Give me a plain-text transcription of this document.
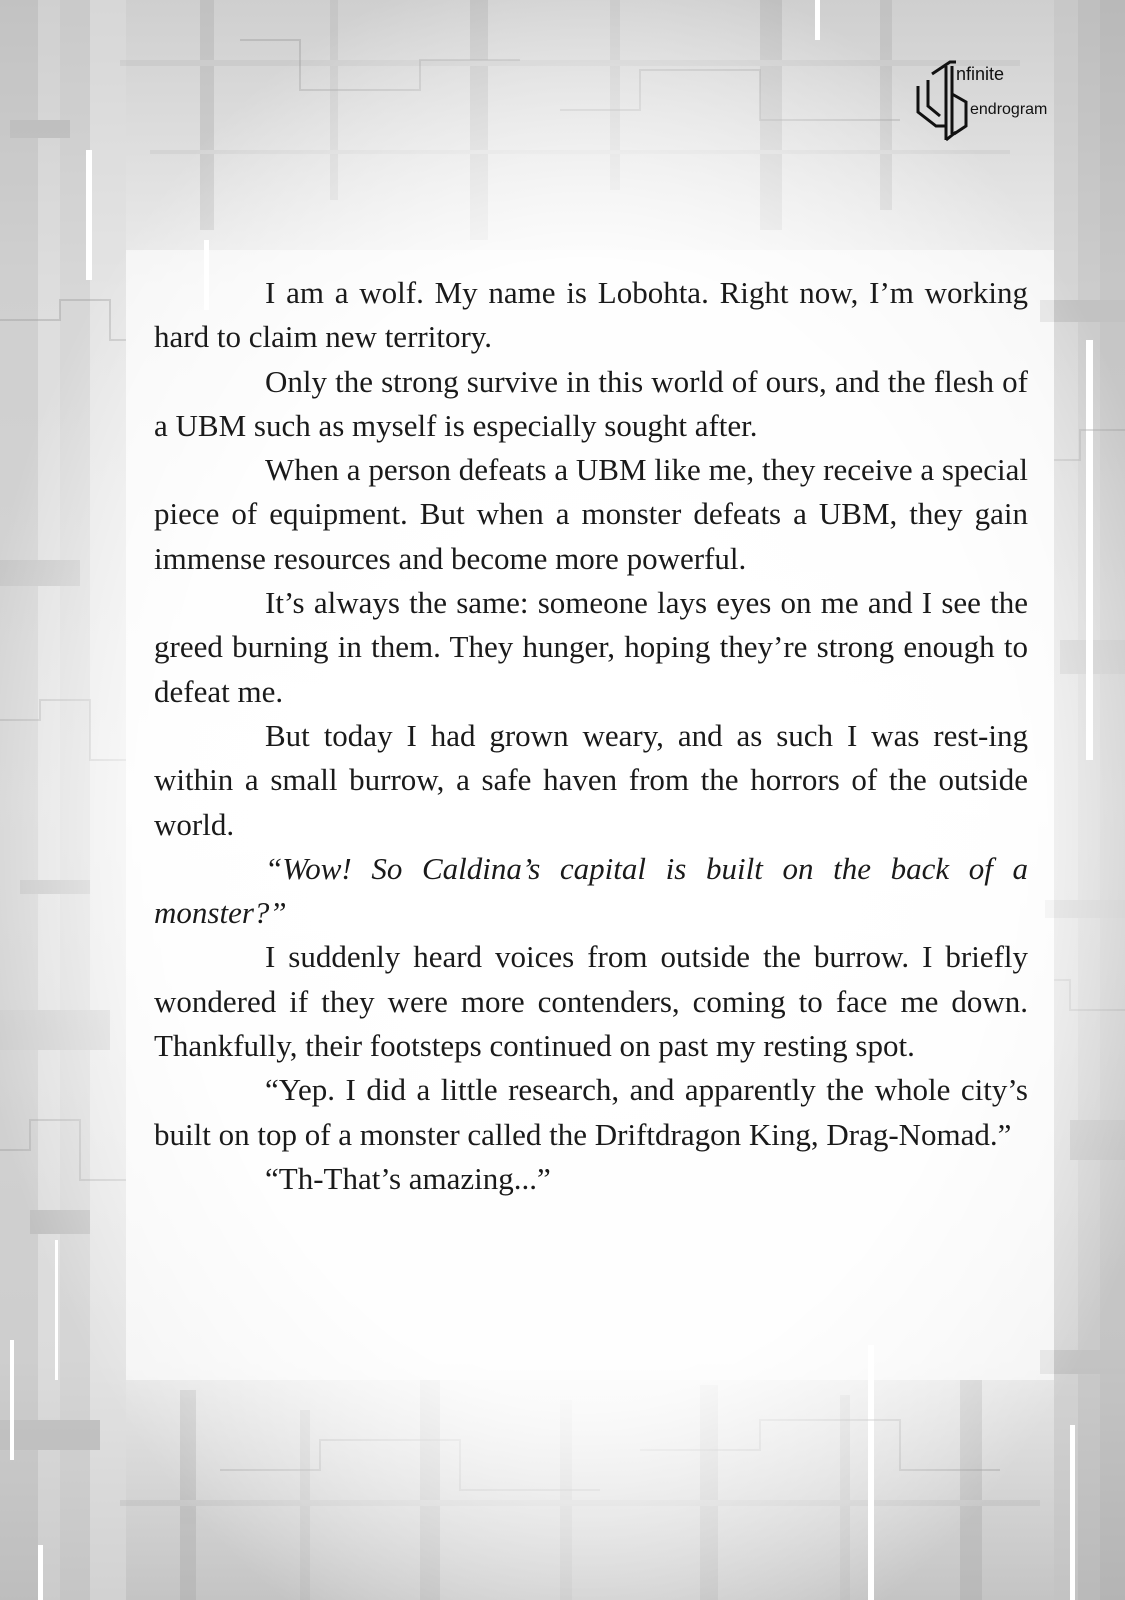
nfinite
endrogram

I am a wolf. My name is Lobohta. Right now, I’m working hard to claim new territory.

Only the strong survive in this world of ours, and the flesh of a UBM such as myself is especially sought after.

When a person defeats a UBM like me, they receive a special piece of equipment. But when a monster defeats a UBM, they gain immense resources and become more powerful.

It’s always the same: someone lays eyes on me and I see the greed burning in them. They hunger, hoping they’re strong enough to defeat me.

But today I had grown weary, and as such I was rest-ing within a small burrow, a safe haven from the horrors of the outside world.

“Wow! So Caldina’s capital is built on the back of a monster?”

I suddenly heard voices from outside the burrow. I briefly wondered if they were more contenders, coming to face me down. Thankfully, their footsteps continued on past my resting spot.

“Yep. I did a little research, and apparently the whole city’s built on top of a monster called the Driftdragon King, Drag-Nomad.”

“Th-That’s amazing...”
